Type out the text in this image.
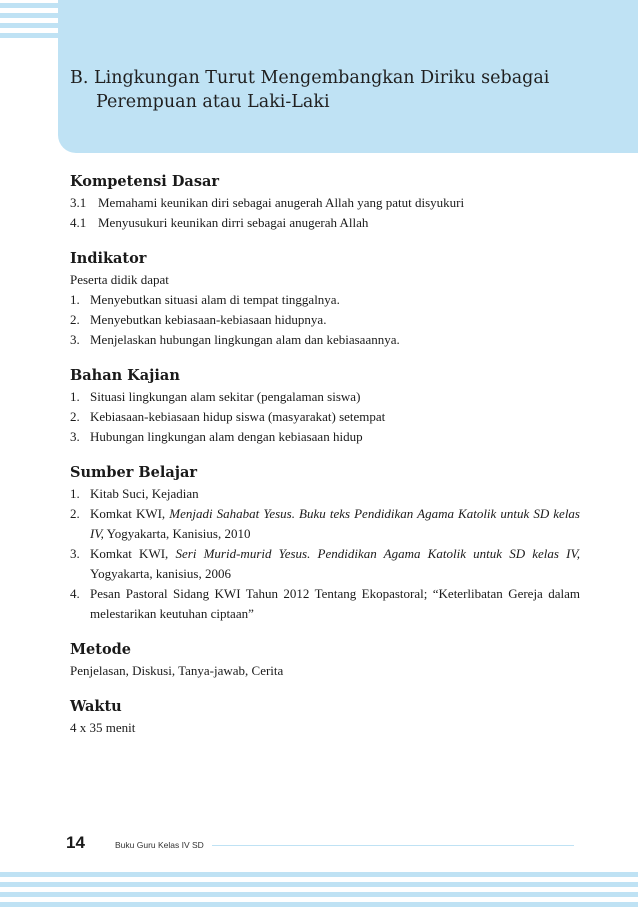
B. Lingkungan Turut Mengembangkan Diriku sebagai
Perempuan atau Laki-Laki
Kompetensi Dasar
3.1 Memahami keunikan diri sebagai anugerah Allah yang patut disyukuri
4.1 Menyusukuri keunikan dirri sebagai anugerah Allah
Indikator

Peserta didik dapat

1. Menyebutkan situasi alam di tempat tinggalnya.
2. Menyebutkan kebiasaan-kebiasaan hidupnya.
3. Menjelaskan hubungan lingkungan alam dan kebiasaannya.
Bahan Kajian
1. Situasi lingkungan alam sekitar (pengalaman siswa)
2. Kebiasaan-kebiasaan hidup siswa (masyarakat) setempat
3. Hubungan lingkungan alam dengan kebiasaan hidup
Sumber Belajar
1. Kitab Suci, Kejadian
2. Komkat KWI, Menjadi Sahabat Yesus. Buku teks Pendidikan Agama Katolik untuk SD kelas IV, Yogyakarta, Kanisius, 2010
3. Komkat KWI, Seri Murid-murid Yesus. Pendidikan Agama Katolik untuk SD kelas IV, Yogyakarta, kanisius, 2006
4. Pesan Pastoral Sidang KWI Tahun 2012 Tentang Ekopastoral; “Keterlibatan Gereja dalam melestarikan keutuhan ciptaan”
Metode

Penjelasan, Diskusi, Tanya-jawab, Cerita

Waktu

4 x 35 menit

14	Buku Guru Kelas IV SD
